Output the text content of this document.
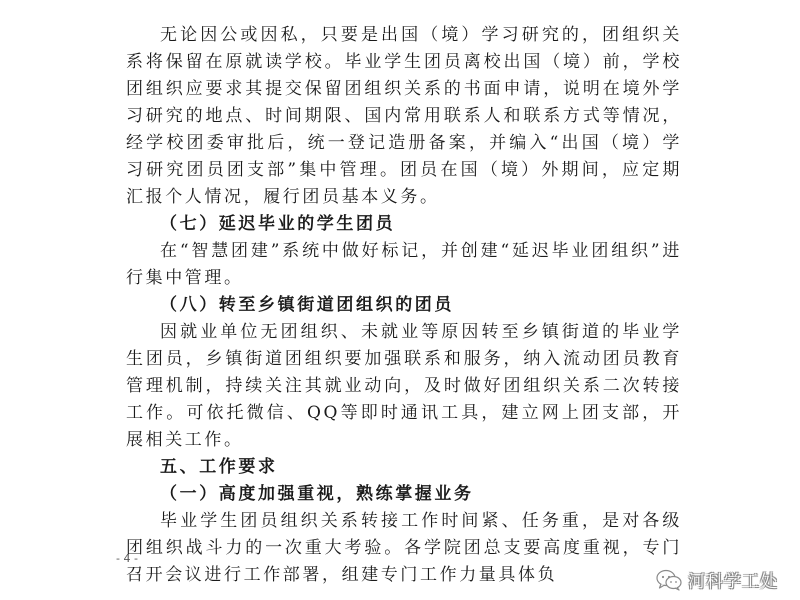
无论因公或因私，只要是出国（境）学习研究的，团组织关系将保留在原就读学校。毕业学生团员离校出国（境）前，学校团组织应要求其提交保留团组织关系的书面申请，说明在境外学习研究的地点、时间期限、国内常用联系人和联系方式等情况，经学校团委审批后，统一登记造册备案，并编入“出国（境）学习研究团员团支部”集中管理。团员在国（境）外期间，应定期汇报个人情况，履行团员基本义务。

（七）延迟毕业的学生团员

在“智慧团建”系统中做好标记，并创建“延迟毕业团组织”进行集中管理。

（八）转至乡镇街道团组织的团员

因就业单位无团组织、未就业等原因转至乡镇街道的毕业学生团员，乡镇街道团组织要加强联系和服务，纳入流动团员教育管理机制，持续关注其就业动向，及时做好团组织关系二次转接工作。可依托微信、QQ等即时通讯工具，建立网上团支部，开展相关工作。

五、工作要求

（一）高度加强重视，熟练掌握业务

毕业学生团员组织关系转接工作时间紧、任务重，是对各级团组织战斗力的一次重大考验。各学院团总支要高度重视，专门召开会议进行工作部署，组建专门工作力量具体负

- 4 -
河科学工处
